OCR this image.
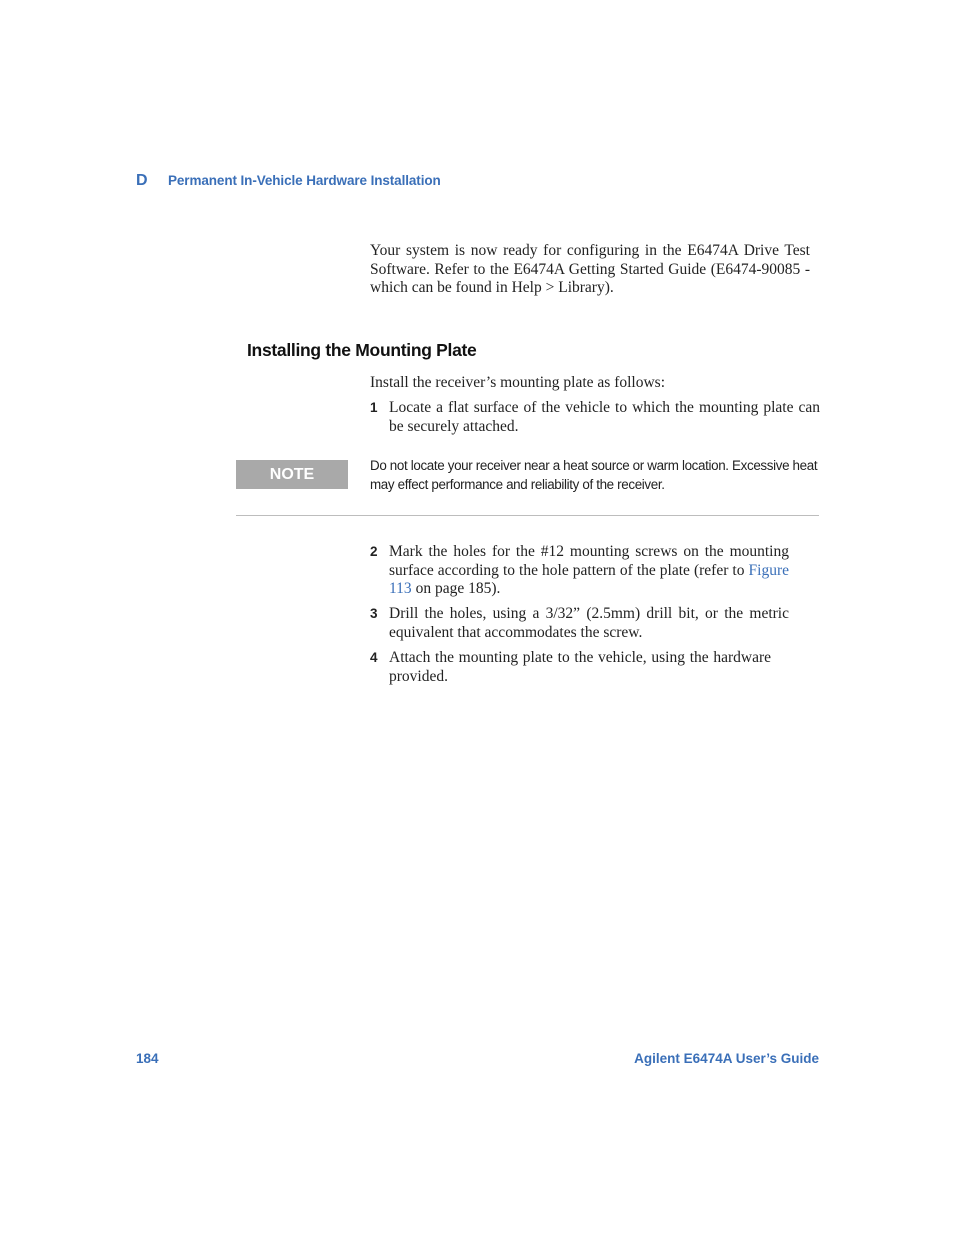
D Permanent In-Vehicle Hardware Installation
Your system is now ready for configuring in the E6474A Drive Test Software. Refer to the E6474A Getting Started Guide (E6474-90085 - which can be found in Help > Library).
Installing the Mounting Plate
Install the receiver’s mounting plate as follows:
1 Locate a flat surface of the vehicle to which the mounting plate can be securely attached.
NOTE
Do not locate your receiver near a heat source or warm location. Excessive heat may effect performance and reliability of the receiver.
2 Mark the holes for the #12 mounting screws on the mounting surface according to the hole pattern of the plate (refer to Figure 113 on page 185).
3 Drill the holes, using a 3/32” (2.5mm) drill bit, or the metric equivalent that accommodates the screw.
4 Attach the mounting plate to the vehicle, using the hardware provided.
184	Agilent E6474A User’s Guide
